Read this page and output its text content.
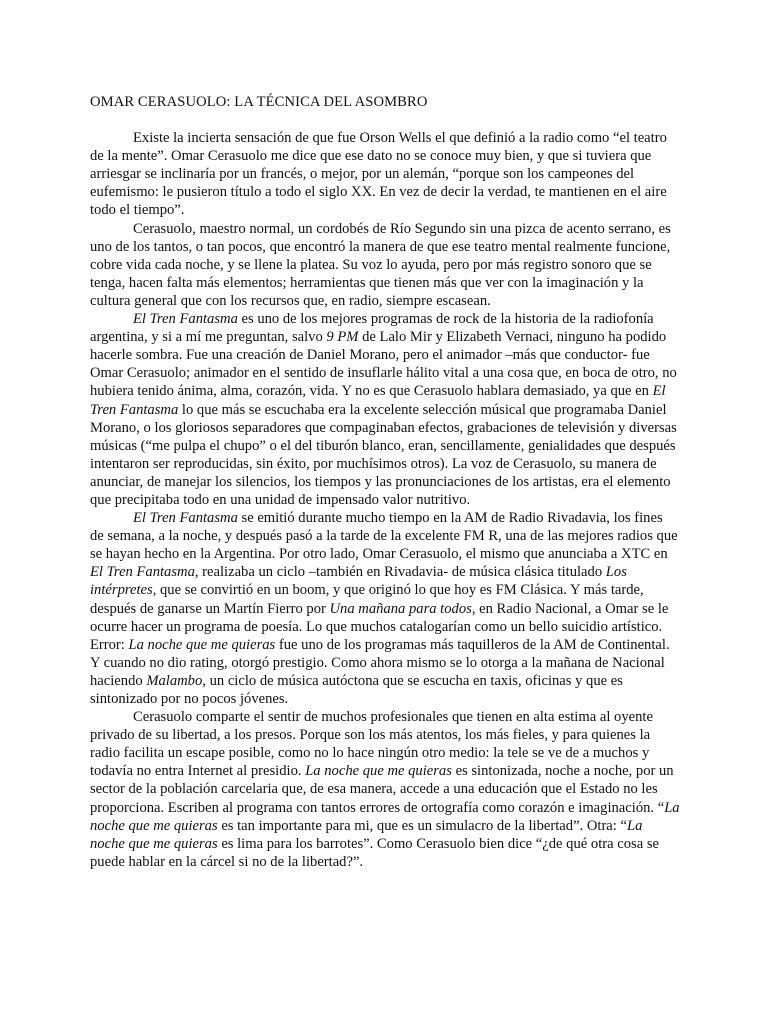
OMAR CERASUOLO: LA TÉCNICA DEL ASOMBRO

Existe la incierta sensación de que fue Orson Wells el que definió a la radio como “el teatro de la mente”. Omar Cerasuolo me dice que ese dato no se conoce muy bien, y que si tuviera que arriesgar se inclinaría por un francés, o mejor, por un alemán, “porque son los campeones del eufemismo: le pusieron título a todo el siglo XX. En vez de decir la verdad, te mantienen en el aire todo el tiempo”.

Cerasuolo, maestro normal, un cordobés de Río Segundo sin una pizca de acento serrano, es uno de los tantos, o tan pocos, que encontró la manera de que ese teatro mental realmente funcione, cobre vida cada noche, y se llene la platea. Su voz lo ayuda, pero por más registro sonoro que se tenga, hacen falta más elementos; herramientas que tienen más que ver con la imaginación y la cultura general que con los recursos que, en radio, siempre escasean.

El Tren Fantasma es uno de los mejores programas de rock de la historia de la radiofonía argentina, y si a mí me preguntan, salvo 9 PM de Lalo Mir y Elizabeth Vernaci, ninguno ha podido hacerle sombra. Fue una creación de Daniel Morano, pero el animador –más que conductor- fue Omar Cerasuolo; animador en el sentido de insuflarle hálito vital a una cosa que, en boca de otro, no hubiera tenido ánima, alma, corazón, vida. Y no es que Cerasuolo hablara demasiado, ya que en El Tren Fantasma lo que más se escuchaba era la excelente selección músical que programaba Daniel Morano, o los gloriosos separadores que compaginaban efectos, grabaciones de televisión y diversas músicas (“me pulpa el chupo” o el del tiburón blanco, eran, sencillamente, genialidades que después intentaron ser reproducidas, sin éxito, por muchísimos otros). La voz de Cerasuolo, su manera de anunciar, de manejar los silencios, los tiempos y las pronunciaciones de los artistas, era el elemento que precipitaba todo en una unidad de impensado valor nutritivo.

El Tren Fantasma se emitió durante mucho tiempo en la AM de Radio Rivadavia, los fines de semana, a la noche, y después pasó a la tarde de la excelente FM R, una de las mejores radios que se hayan hecho en la Argentina. Por otro lado, Omar Cerasuolo, el mismo que anunciaba a XTC en El Tren Fantasma, realizaba un ciclo –también en Rivadavia- de música clásica titulado Los intérpretes, que se convirtió en un boom, y que originó lo que hoy es FM Clásica. Y más tarde, después de ganarse un Martín Fierro por Una mañana para todos, en Radio Nacional, a Omar se le ocurre hacer un programa de poesía. Lo que muchos catalogarían como un bello suicidio artístico. Error: La noche que me quieras fue uno de los programas más taquilleros de la AM de Continental. Y cuando no dio rating, otorgó prestigio. Como ahora mismo se lo otorga a la mañana de Nacional haciendo Malambo, un ciclo de música autóctona que se escucha en taxis, oficinas y que es sintonizado por no pocos jóvenes.

Cerasuolo comparte el sentir de muchos profesionales que tienen en alta estima al oyente privado de su libertad, a los presos. Porque son los más atentos, los más fieles, y para quienes la radio facilita un escape posible, como no lo hace ningún otro medio: la tele se ve de a muchos y todavía no entra Internet al presidio. La noche que me quieras es sintonizada, noche a noche, por un sector de la población carcelaria que, de esa manera, accede a una educación que el Estado no les proporciona. Escriben al programa con tantos errores de ortografía como corazón e imaginación. “La noche que me quieras es tan importante para mi, que es un simulacro de la libertad”. Otra: “La noche que me quieras es lima para los barrotes”. Como Cerasuolo bien dice “¿de qué otra cosa se puede hablar en la cárcel si no de la libertad?”.
